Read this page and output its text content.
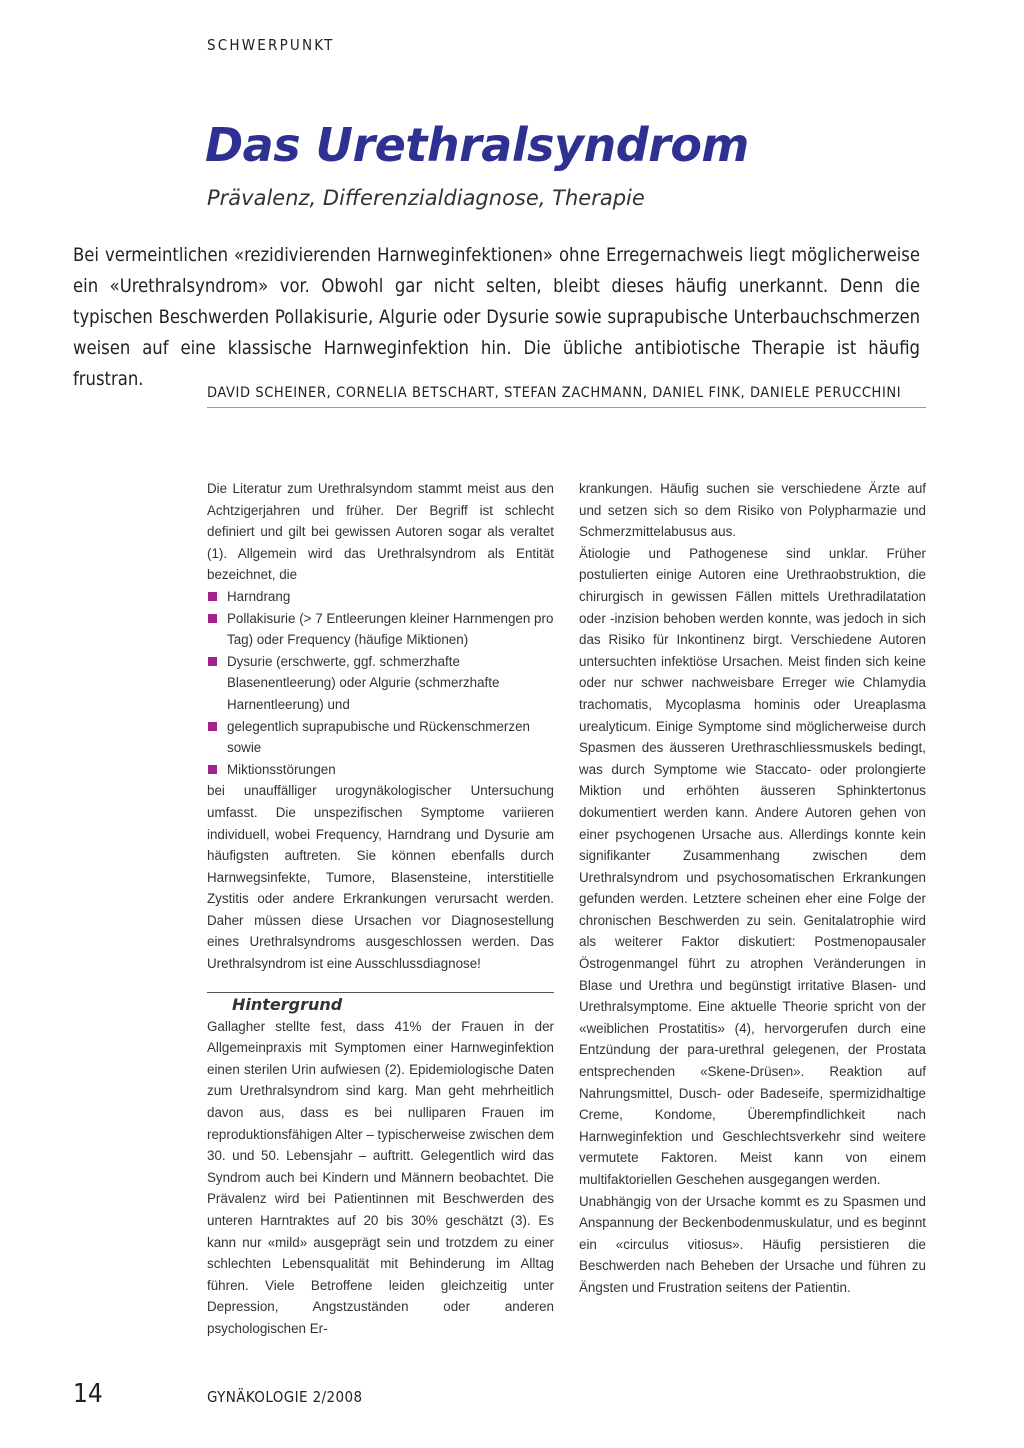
SCHWERPUNKT
Das Urethralsyndrom
Prävalenz, Differenzialdiagnose, Therapie

Bei vermeintlichen «rezidivierenden Harnweginfektionen» ohne Erregernachweis liegt möglicherweise ein «Urethralsyndrom» vor. Obwohl gar nicht selten, bleibt dieses häufig unerkannt. Denn die typischen Beschwerden Pollakisurie, Algurie oder Dysurie sowie suprapubische Unterbauchschmerzen weisen auf eine klassische Harnweginfektion hin. Die übliche antibiotische Therapie ist häufig frustran.

DAVID SCHEINER, CORNELIA BETSCHART, STEFAN ZACHMANN, DANIEL FINK, DANIELE PERUCCHINI

Die Literatur zum Urethralsyndom stammt meist aus den Achtzigerjahren und früher. Der Begriff ist schlecht definiert und gilt bei gewissen Autoren sogar als veraltet (1). Allgemein wird das Urethralsyndrom als Entität bezeichnet, die

Harndrang
Pollakisurie (> 7 Entleerungen kleiner Harnmengen pro Tag) oder Frequency (häufige Miktionen)
Dysurie (erschwerte, ggf. schmerzhafte Blasenentleerung) oder Algurie (schmerzhafte Harnentleerung) und
gelegentlich suprapubische und Rückenschmerzen sowie
Miktionsstörungen

bei unauffälliger urogynäkologischer Untersuchung umfasst. Die unspezifischen Symptome variieren individuell, wobei Frequency, Harndrang und Dysurie am häufigsten auftreten. Sie können ebenfalls durch Harnwegsinfekte, Tumore, Blasensteine, interstitielle Zystitis oder andere Erkrankungen verursacht werden. Daher müssen diese Ursachen vor Diagnosestellung eines Urethralsyndroms ausgeschlossen werden. Das Urethralsyndrom ist eine Ausschlussdiagnose!

Hintergrund

Gallagher stellte fest, dass 41% der Frauen in der Allgemeinpraxis mit Symptomen einer Harnweginfektion einen sterilen Urin aufwiesen (2). Epidemiologische Daten zum Urethralsyndrom sind karg. Man geht mehrheitlich davon aus, dass es bei nulliparen Frauen im reproduktionsfähigen Alter – typischerweise zwischen dem 30. und 50. Lebensjahr – auftritt. Gelegentlich wird das Syndrom auch bei Kindern und Männern beobachtet. Die Prävalenz wird bei Patientinnen mit Beschwerden des unteren Harntraktes auf 20 bis 30% geschätzt (3). Es kann nur «mild» ausgeprägt sein und trotzdem zu einer schlechten Lebensqualität mit Behinderung im Alltag führen. Viele Betroffene leiden gleichzeitig unter Depression, Angstzuständen oder anderen psychologischen Er-

krankungen. Häufig suchen sie verschiedene Ärzte auf und setzen sich so dem Risiko von Polypharmazie und Schmerzmittelabusus aus.

Ätiologie und Pathogenese sind unklar. Früher postulierten einige Autoren eine Urethraobstruktion, die chirurgisch in gewissen Fällen mittels Urethradilatation oder -inzision behoben werden konnte, was jedoch in sich das Risiko für Inkontinenz birgt. Verschiedene Autoren untersuchten infektiöse Ursachen. Meist finden sich keine oder nur schwer nachweisbare Erreger wie Chlamydia trachomatis, Mycoplasma hominis oder Ureaplasma urealyticum. Einige Symptome sind möglicherweise durch Spasmen des äusseren Urethraschliessmuskels bedingt, was durch Symptome wie Staccato- oder prolongierte Miktion und erhöhten äusseren Sphinktertonus dokumentiert werden kann. Andere Autoren gehen von einer psychogenen Ursache aus. Allerdings konnte kein signifikanter Zusammenhang zwischen dem Urethralsyndrom und psychosomatischen Erkrankungen gefunden werden. Letztere scheinen eher eine Folge der chronischen Beschwerden zu sein. Genitalatrophie wird als weiterer Faktor diskutiert: Postmenopausaler Östrogenmangel führt zu atrophen Veränderungen in Blase und Urethra und begünstigt irritative Blasen- und Urethralsymptome. Eine aktuelle Theorie spricht von der «weiblichen Prostatitis» (4), hervorgerufen durch eine Entzündung der para-urethral gelegenen, der Prostata entsprechenden «Skene-Drüsen». Reaktion auf Nahrungsmittel, Dusch- oder Badeseife, spermizidhaltige Creme, Kondome, Überempfindlichkeit nach Harnweginfektion und Geschlechtsverkehr sind weitere vermutete Faktoren. Meist kann von einem multifaktoriellen Geschehen ausgegangen werden.

Unabhängig von der Ursache kommt es zu Spasmen und Anspannung der Beckenbodenmuskulatur, und es beginnt ein «circulus vitiosus». Häufig persistieren die Beschwerden nach Beheben der Ursache und führen zu Ängsten und Frustration seitens der Patientin.

14	GYNÄKOLOGIE 2/2008
